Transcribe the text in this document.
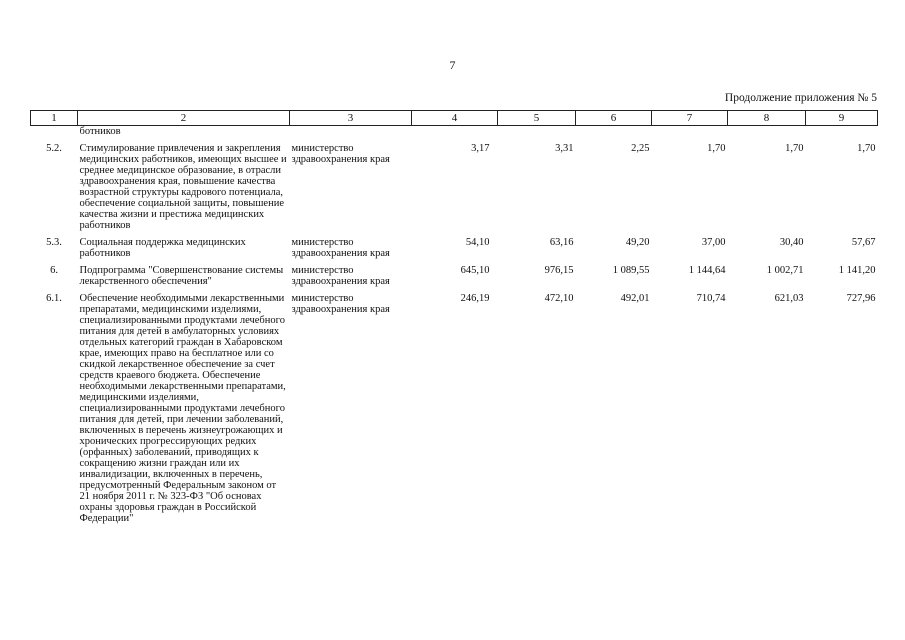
7
Продолжение приложения № 5
1	2	3	4	5	6	7	8	9
	ботников							
5.2.	Стимулирование привлечения и закрепления медицинских работников, имеющих высшее и среднее медицинское образование, в отрасли здравоохранения края, повышение качества возрастной структуры кадрового потенциала, обеспечение социальной защиты, повышение качества жизни и престижа медицинских работников	министерство здравоохранения края	3,17	3,31	2,25	1,70	1,70	1,70
5.3.	Социальная поддержка медицинских работников	министерство здравоохранения края	54,10	63,16	49,20	37,00	30,40	57,67
6.	Подпрограмма "Совершенствование системы лекарственного обеспечения"	министерство здравоохранения края	645,10	976,15	1 089,55	1 144,64	1 002,71	1 141,20
6.1.	Обеспечение необходимыми лекарственными препаратами, медицинскими изделиями, специализированными продуктами лечебного питания для детей в амбулаторных условиях отдельных категорий граждан в Хабаровском крае, имеющих право на бесплатное или со скидкой лекарственное обеспечение за счет средств краевого бюджета. Обеспечение необходимыми лекарственными препаратами, медицинскими изделиями, специализированными продуктами лечебного питания для детей, при лечении заболеваний, включенных в перечень жизнеугрожающих и хронических прогрессирующих редких (орфанных) заболеваний, приводящих к сокращению жизни граждан или их инвалидизации, включенных в перечень, предусмотренный Федеральным законом от 21 ноября 2011 г. № 323-ФЗ "Об основах охраны здоровья граждан в Российской Федерации"	министерство здравоохранения края	246,19	472,10	492,01	710,74	621,03	727,96
